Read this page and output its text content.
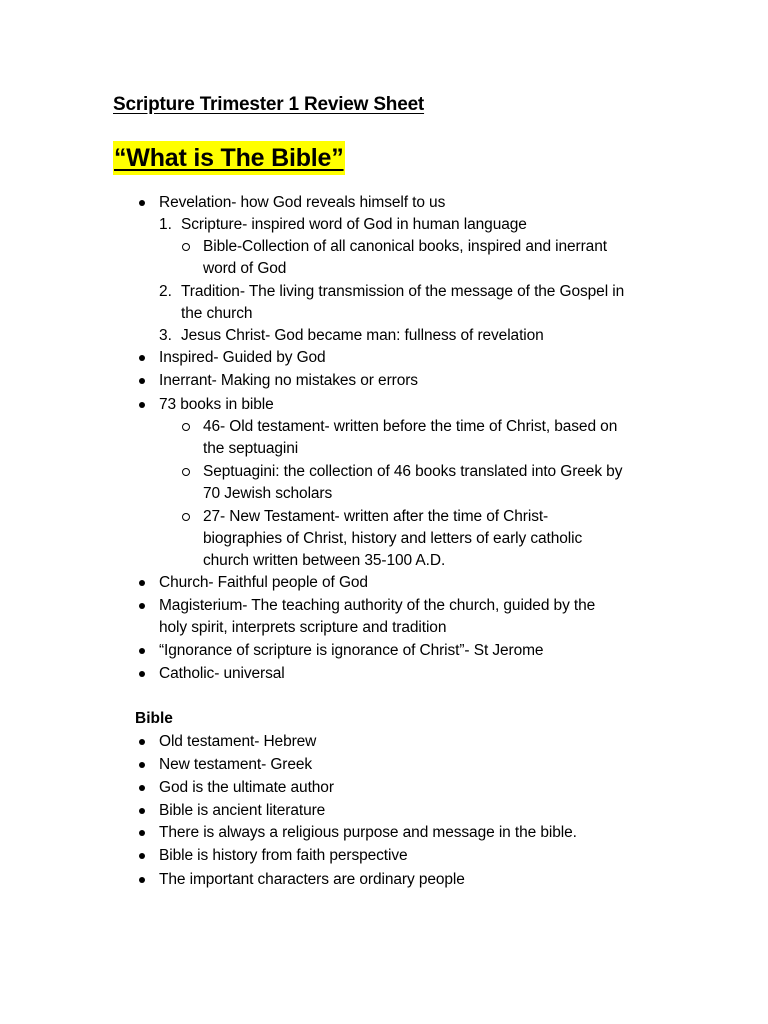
Scripture Trimester 1 Review Sheet
“What is The Bible”
Revelation- how God reveals himself to us
1. Scripture- inspired word of God in human language
Bible-Collection of all canonical books, inspired and inerrant
word of God
2. Tradition- The living transmission of the message of the Gospel in
the church
3. Jesus Christ- God became man: fullness of revelation
Inspired- Guided by God
Inerrant- Making no mistakes or errors
73 books in bible
46- Old testament- written before the time of Christ, based on
the septuagini
Septuagini: the collection of 46 books translated into Greek by
70 Jewish scholars
27- New Testament- written after the time of Christ-
biographies of Christ, history and letters of early catholic
church written between 35-100 A.D.
Church- Faithful people of God
Magisterium- The teaching authority of the church, guided by the
holy spirit, interprets scripture and tradition
“Ignorance of scripture is ignorance of Christ”- St Jerome
Catholic- universal
Bible
Old testament- Hebrew
New testament- Greek
God is the ultimate author
Bible is ancient literature
There is always a religious purpose and message in the bible.
Bible is history from faith perspective
The important characters are ordinary people
